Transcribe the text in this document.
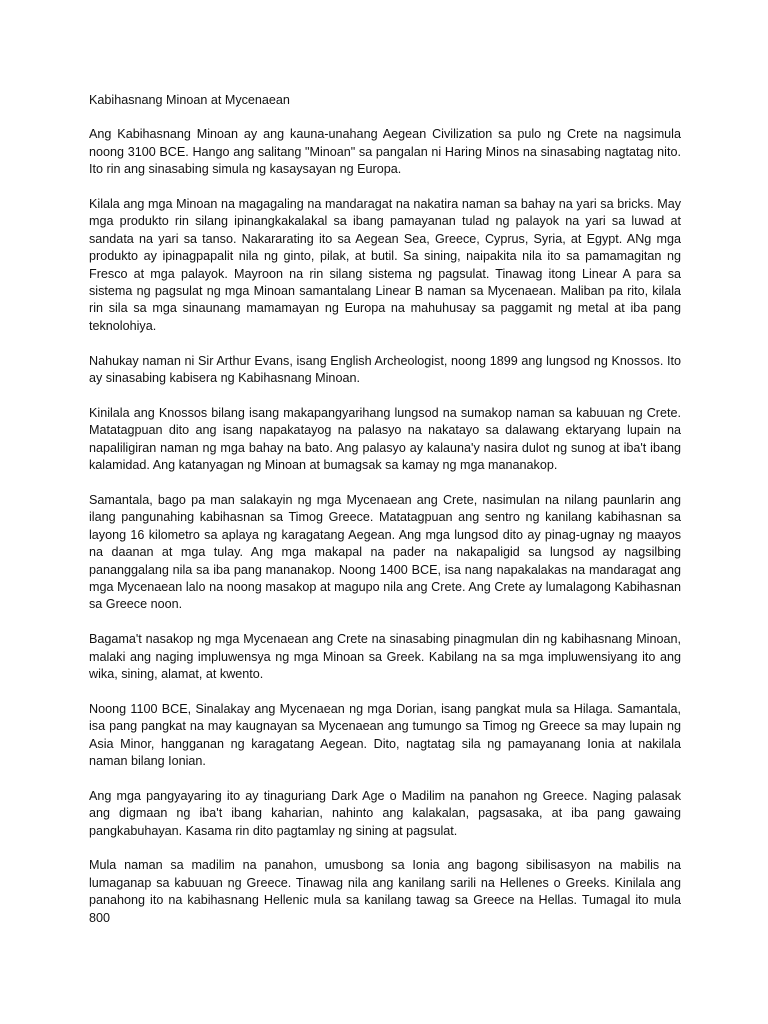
Kabihasnang Minoan at Mycenaean

Ang Kabihasnang Minoan ay ang kauna-unahang Aegean Civilization sa pulo ng Crete na nagsimula noong 3100 BCE. Hango ang salitang "Minoan" sa pangalan ni Haring Minos na sinasabing nagtatag nito. Ito rin ang sinasabing simula ng kasaysayan ng Europa.

Kilala ang mga Minoan na magagaling na mandaragat na nakatira naman sa bahay na yari sa bricks. May mga produkto rin silang ipinangkakalakal sa ibang pamayanan tulad ng palayok na yari sa luwad at sandata na yari sa tanso. Nakararating ito sa Aegean Sea, Greece, Cyprus, Syria, at Egypt. ANg mga produkto ay ipinagpapalit nila ng ginto, pilak, at butil. Sa sining, naipakita nila ito sa pamamagitan ng Fresco at mga palayok. Mayroon na rin silang sistema ng pagsulat. Tinawag itong Linear A para sa sistema ng pagsulat ng mga Minoan samantalang Linear B naman sa Mycenaean. Maliban pa rito, kilala rin sila sa mga sinaunang mamamayan ng Europa na mahuhusay sa paggamit ng metal at iba pang teknolohiya.

Nahukay naman ni Sir Arthur Evans, isang English Archeologist, noong 1899 ang lungsod ng Knossos. Ito ay sinasabing kabisera ng Kabihasnang Minoan.

Kinilala ang Knossos bilang isang makapangyarihang lungsod na sumakop naman sa kabuuan ng Crete. Matatagpuan dito ang isang napakatayog na palasyo na nakatayo sa dalawang ektaryang lupain na napaliligiran naman ng mga bahay na bato. Ang palasyo ay kalauna'y nasira dulot ng sunog at iba't ibang kalamidad. Ang katanyagan ng Minoan at bumagsak sa kamay ng mga mananakop.

Samantala, bago pa man salakayin ng mga Mycenaean ang Crete, nasimulan na nilang paunlarin ang ilang pangunahing kabihasnan sa Timog Greece. Matatagpuan ang sentro ng kanilang kabihasnan sa layong 16 kilometro sa aplaya ng karagatang Aegean. Ang mga lungsod dito ay pinag-ugnay ng maayos na daanan at mga tulay. Ang mga makapal na pader na nakapaligid sa lungsod ay nagsilbing pananggalang nila sa iba pang mananakop. Noong 1400 BCE, isa nang napakalakas na mandaragat ang mga Mycenaean lalo na noong masakop at magupo nila ang Crete. Ang Crete ay lumalagong Kabihasnan sa Greece noon.

Bagama't nasakop ng mga Mycenaean ang Crete na sinasabing pinagmulan din ng kabihasnang Minoan, malaki ang naging impluwensya ng mga Minoan sa Greek. Kabilang na sa mga impluwensiyang ito ang wika, sining, alamat, at kwento.

Noong 1100 BCE, Sinalakay ang Mycenaean ng mga Dorian, isang pangkat mula sa Hilaga. Samantala, isa pang pangkat na may kaugnayan sa Mycenaean ang tumungo sa Timog ng Greece sa may lupain ng Asia Minor, hangganan ng karagatang Aegean. Dito, nagtatag sila ng pamayanang Ionia at nakilala naman bilang Ionian.

Ang mga pangyayaring ito ay tinaguriang Dark Age o Madilim na panahon ng Greece. Naging palasak ang digmaan ng iba't ibang kaharian, nahinto ang kalakalan, pagsasaka, at iba pang gawaing pangkabuhayan. Kasama rin dito pagtamlay ng sining at pagsulat.

Mula naman sa madilim na panahon, umusbong sa Ionia ang bagong sibilisasyon na mabilis na lumaganap sa kabuuan ng Greece. Tinawag nila ang kanilang sarili na Hellenes o Greeks. Kinilala ang panahong ito na kabihasnang Hellenic mula sa kanilang tawag sa Greece na Hellas. Tumagal ito mula 800
